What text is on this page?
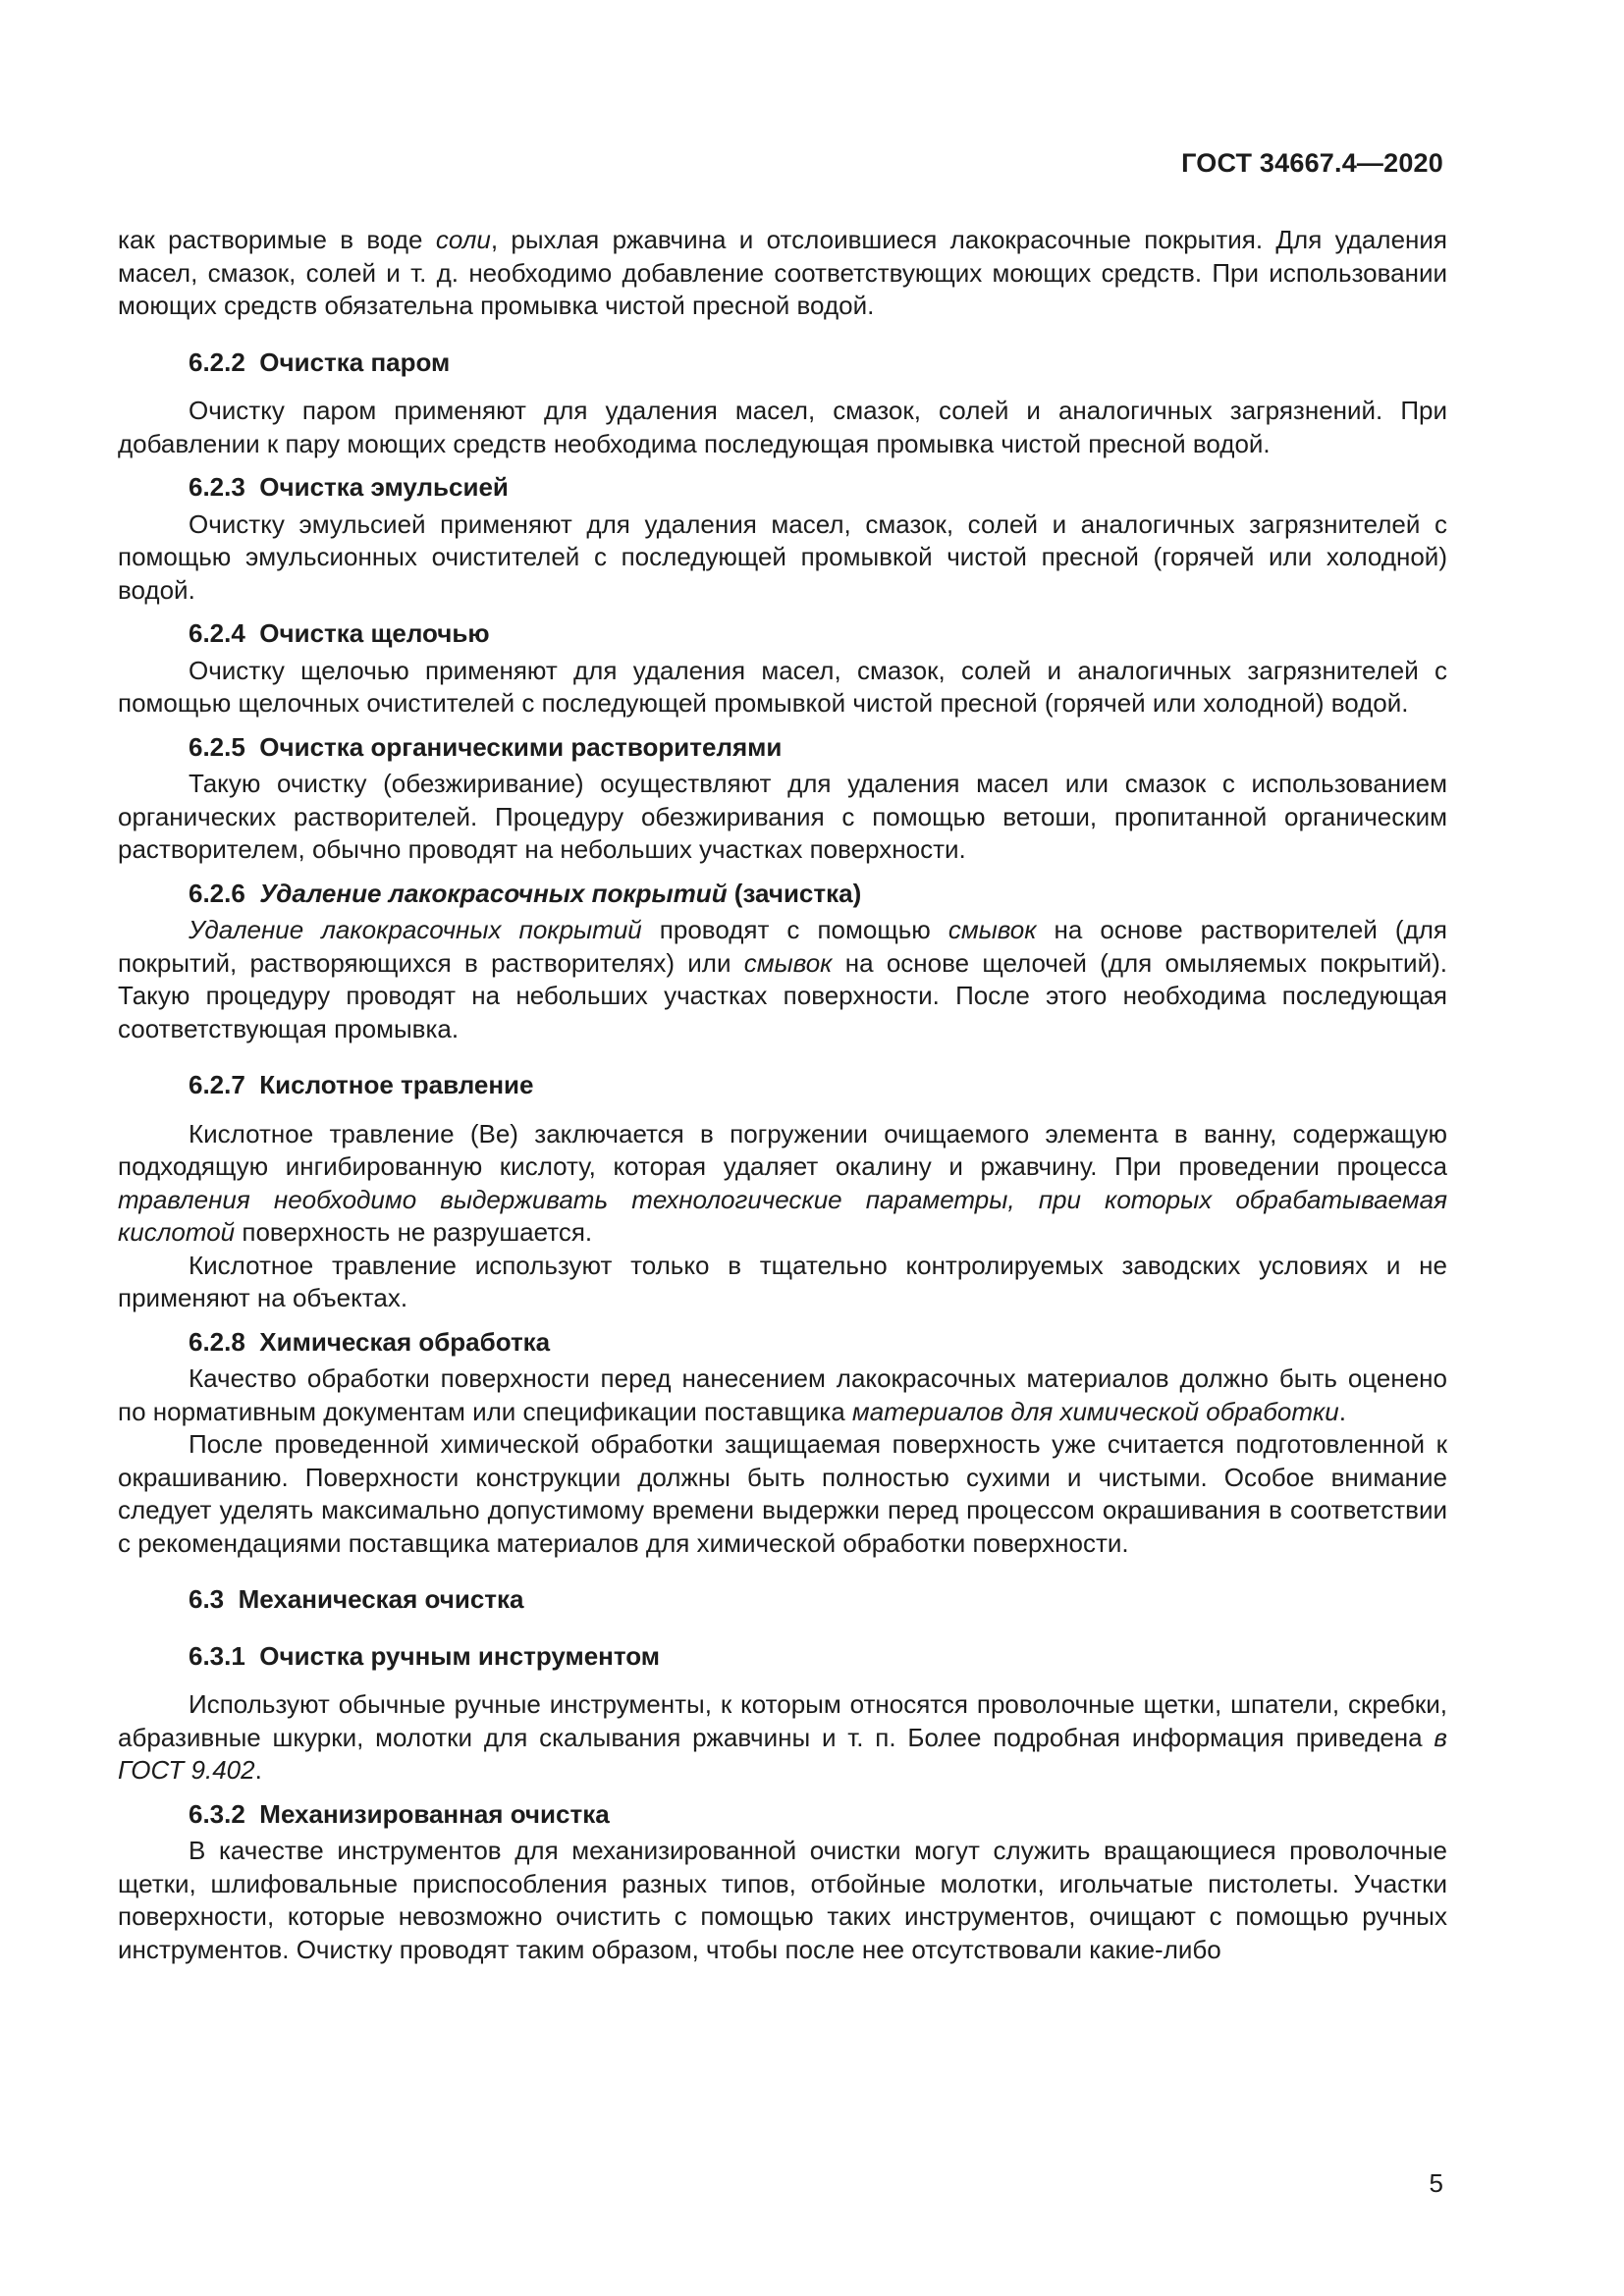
ГОСТ 34667.4—2020

как растворимые в воде соли, рыхлая ржавчина и отслоившиеся лакокрасочные покрытия. Для удаления масел, смазок, солей и т. д. необходимо добавление соответствующих моющих средств. При использовании моющих средств обязательна промывка чистой пресной водой.

6.2.2 Очистка паром

Очистку паром применяют для удаления масел, смазок, солей и аналогичных загрязнений. При добавлении к пару моющих средств необходима последующая промывка чистой пресной водой.

6.2.3 Очистка эмульсией

Очистку эмульсией применяют для удаления масел, смазок, солей и аналогичных загрязнителей с помощью эмульсионных очистителей с последующей промывкой чистой пресной (горячей или холодной) водой.

6.2.4 Очистка щелочью

Очистку щелочью применяют для удаления масел, смазок, солей и аналогичных загрязнителей с помощью щелочных очистителей с последующей промывкой чистой пресной (горячей или холодной) водой.

6.2.5 Очистка органическими растворителями

Такую очистку (обезжиривание) осуществляют для удаления масел или смазок с использованием органических растворителей. Процедуру обезжиривания с помощью ветоши, пропитанной органическим растворителем, обычно проводят на небольших участках поверхности.

6.2.6 Удаление лакокрасочных покрытий (зачистка)

Удаление лакокрасочных покрытий проводят с помощью смывок на основе растворителей (для покрытий, растворяющихся в растворителях) или смывок на основе щелочей (для омыляемых покрытий). Такую процедуру проводят на небольших участках поверхности. После этого необходима последующая соответствующая промывка.

6.2.7 Кислотное травление

Кислотное травление (Be) заключается в погружении очищаемого элемента в ванну, содержащую подходящую ингибированную кислоту, которая удаляет окалину и ржавчину. При проведении процесса травления необходимо выдерживать технологические параметры, при которых обрабатываемая кислотой поверхность не разрушается.

Кислотное травление используют только в тщательно контролируемых заводских условиях и не применяют на объектах.

6.2.8 Химическая обработка

Качество обработки поверхности перед нанесением лакокрасочных материалов должно быть оценено по нормативным документам или спецификации поставщика материалов для химической обработки.

После проведенной химической обработки защищаемая поверхность уже считается подготовленной к окрашиванию. Поверхности конструкции должны быть полностью сухими и чистыми. Особое внимание следует уделять максимально допустимому времени выдержки перед процессом окрашивания в соответствии с рекомендациями поставщика материалов для химической обработки поверхности.

6.3 Механическая очистка

6.3.1 Очистка ручным инструментом

Используют обычные ручные инструменты, к которым относятся проволочные щетки, шпатели, скребки, абразивные шкурки, молотки для скалывания ржавчины и т. п. Более подробная информация приведена в ГОСТ 9.402.

6.3.2 Механизированная очистка

В качестве инструментов для механизированной очистки могут служить вращающиеся проволочные щетки, шлифовальные приспособления разных типов, отбойные молотки, игольчатые пистолеты. Участки поверхности, которые невозможно очистить с помощью таких инструментов, очищают с помощью ручных инструментов. Очистку проводят таким образом, чтобы после нее отсутствовали какие-либо

5
